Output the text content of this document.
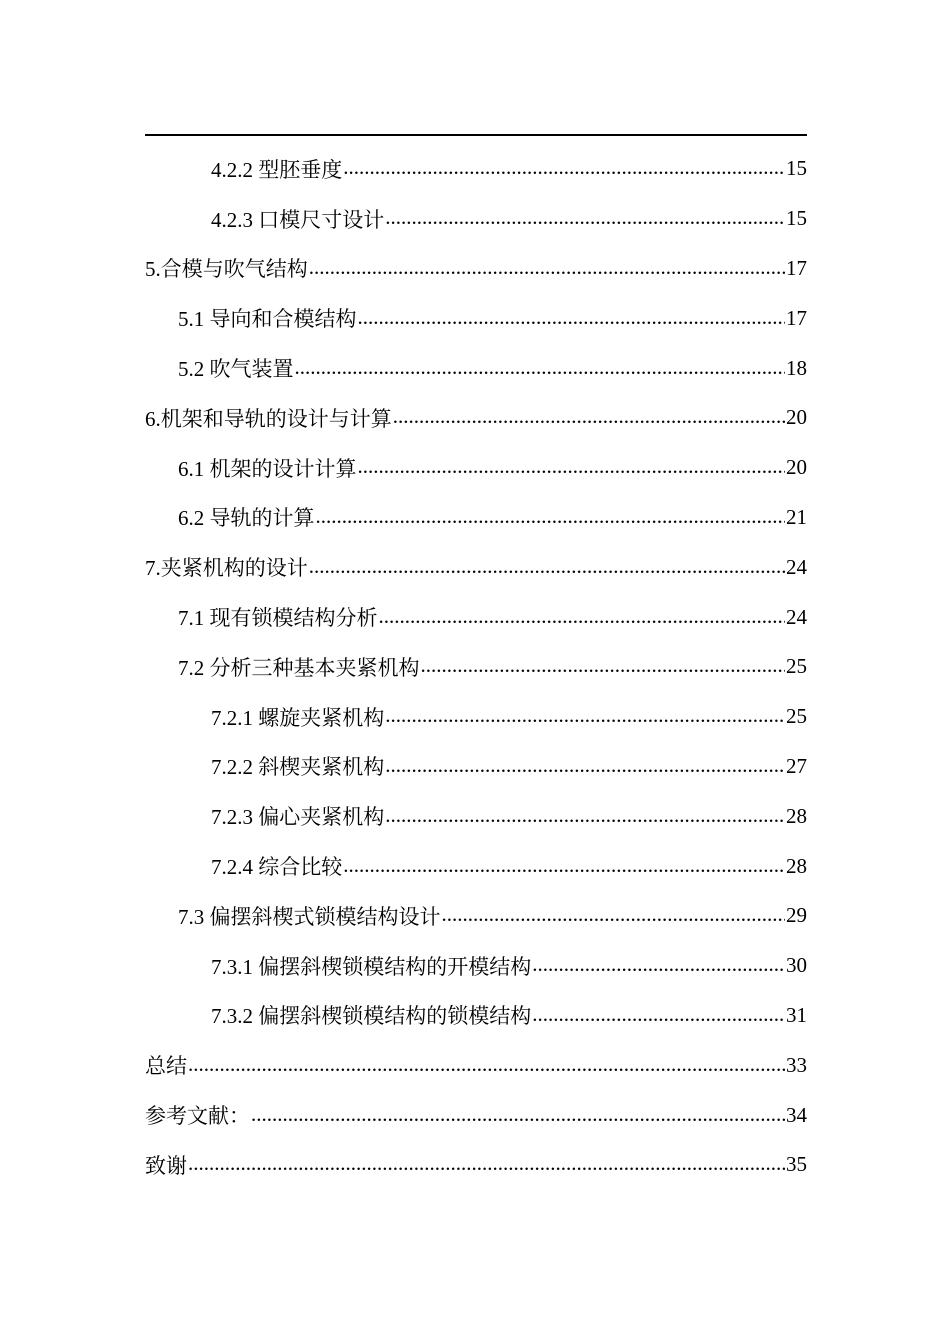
4.2.2 型胚垂度 .....	15
4.2.3 口模尺寸设计 .....	15
5.合模与吹气结构 .....	17
5.1 导向和合模结构 .....	17
5.2 吹气装置 .....	18
6.机架和导轨的设计与计算 .....	20
6.1 机架的设计计算 .....	20
6.2 导轨的计算 .....	21
7.夹紧机构的设计 .....	24
7.1 现有锁模结构分析 .....	24
7.2 分析三种基本夹紧机构 .....	25
7.2.1 螺旋夹紧机构 .....	25
7.2.2 斜楔夹紧机构 .....	27
7.2.3 偏心夹紧机构 .....	28
7.2.4 综合比较 .....	28
7.3 偏摆斜楔式锁模结构设计 .....	29
7.3.1 偏摆斜楔锁模结构的开模结构 .....	30
7.3.2 偏摆斜楔锁模结构的锁模结构 .....	31
总结 .....	33
参考文献： .....	34
致谢 .....	35
